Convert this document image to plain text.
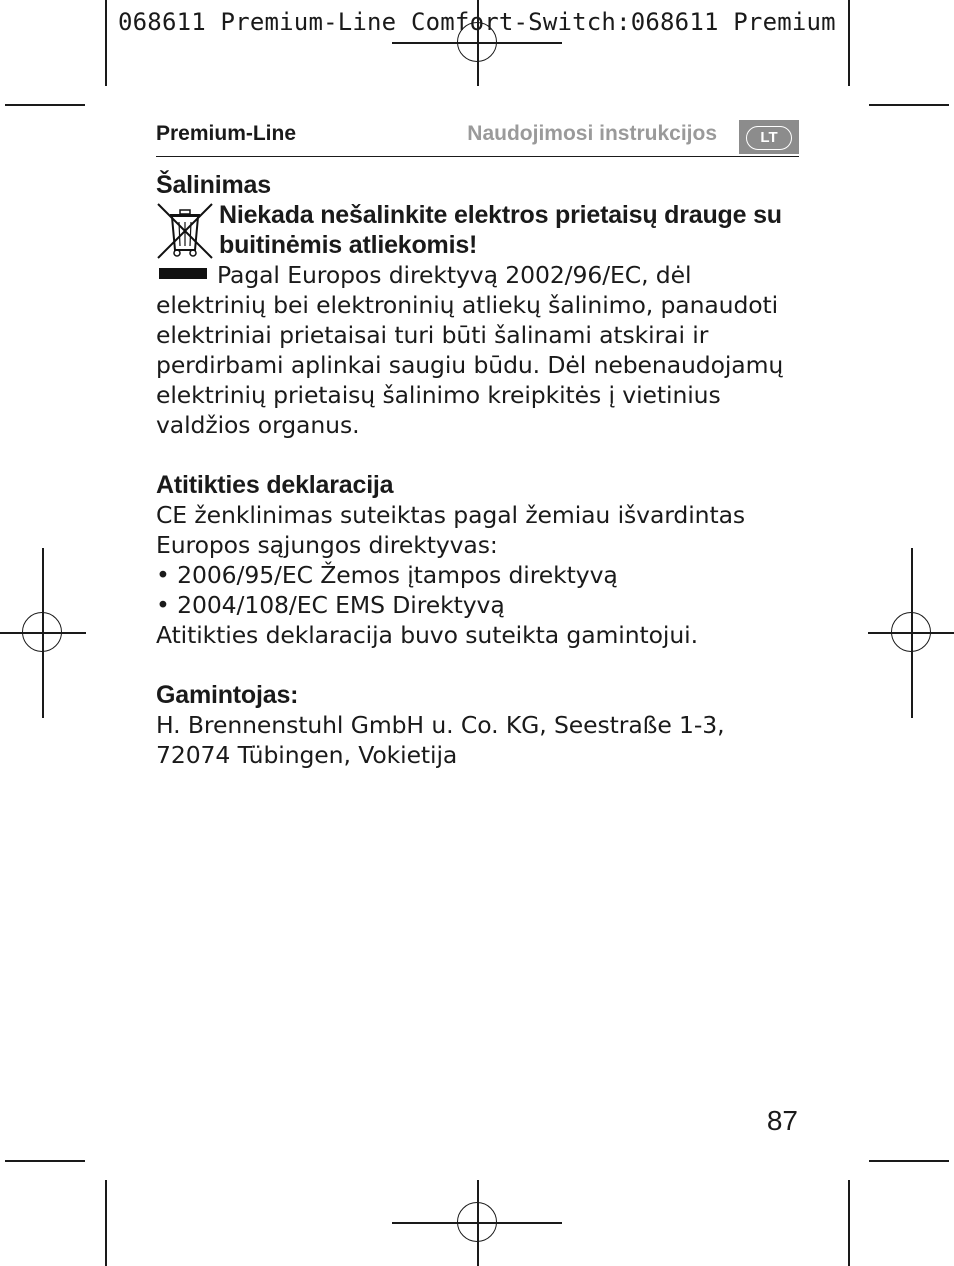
068611 Premium-Line Comfort-Switch:068611 Premium
Premium-Line	Naudojimosi instrukcijos	LT
Šalinimas
Niekada nešalinkite elektros prietaisų drauge su buitinėmis atliekomis!

Pagal Europos direktyvą 2002/96/EC, dėl elektrinių bei elektroninių atliekų šalinimo, panaudoti elektriniai prietaisai turi būti šalinami atskirai ir perdirbami aplinkai saugiu būdu. Dėl nebenaudojamų elektrinių prietaisų šalinimo kreipkitės į vietinius valdžios organus.

Atitikties deklaracija

CE ženklinimas suteiktas pagal žemiau išvardintas Europos sąjungos direktyvas:

• 2006/95/EC Žemos įtampos direktyvą

• 2004/108/EC EMS Direktyvą

Atitikties deklaracija buvo suteikta gamintojui.

Gamintojas:

H. Brennenstuhl GmbH u. Co. KG, Seestraße 1-3, 72074 Tübingen, Vokietija

87
